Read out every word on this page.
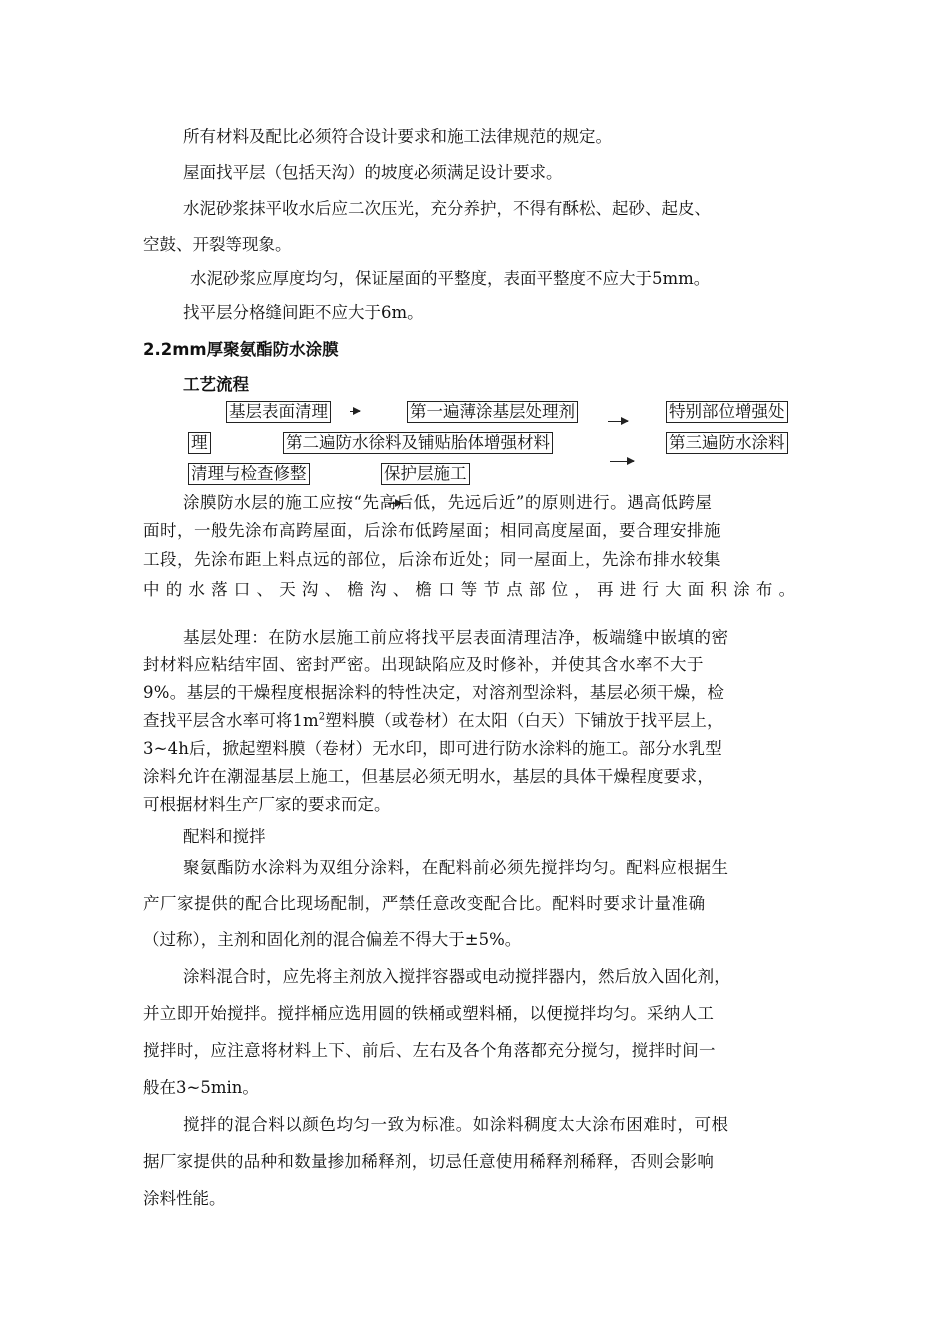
所有材料及配比必须符合设计要求和施工法律规范的规定。
屋面找平层（包括天沟）的坡度必须满足设计要求。
水泥砂浆抹平收水后应二次压光，充分养护，不得有酥松、起砂、起皮、
空鼓、开裂等现象。
水泥砂浆应厚度均匀，保证屋面的平整度，表面平整度不应大于5mm。
找平层分格缝间距不应大于6m。
2.2mm厚聚氨酯防水涂膜
工艺流程
基层表面清理	第一遍薄涂基层处理剂	特别部位增强处
理	第二遍防水徐料及铺贴胎体增强材料	第三遍防水涂料
清理与检查修整	保护层施工
涂膜防水层的施工应按“先高后低，先远后近”的原则进行。遇高低跨屋
面时，一般先涂布高跨屋面，后涂布低跨屋面；相同高度屋面，要合理安排施
工段，先涂布距上料点远的部位，后涂布近处；同一屋面上，先涂布排水较集
中的水落口、天沟、檐沟、檐口等节点部位，再进行大面积涂布。
基层处理：在防水层施工前应将找平层表面清理洁净，板端缝中嵌填的密
封材料应粘结牢固、密封严密。出现缺陷应及时修补，并使其含水率不大于
9%。基层的干燥程度根据涂料的特性决定，对溶剂型涂料，基层必须干燥，检
查找平层含水率可将$1m^2$塑料膜（或卷材）在太阳（白天）下铺放于找平层上，
3~4h后，掀起塑料膜（卷材）无水印，即可进行防水涂料的施工。部分水乳型
涂料允许在潮湿基层上施工，但基层必须无明水，基层的具体干燥程度要求，
可根据材料生产厂家的要求而定。
配料和搅拌
聚氨酯防水涂料为双组分涂料，在配料前必须先搅拌均匀。配料应根据生
产厂家提供的配合比现场配制，严禁任意改变配合比。配料时要求计量准确
（过称），主剂和固化剂的混合偏差不得大于±5%。
涂料混合时，应先将主剂放入搅拌容器或电动搅拌器内，然后放入固化剂，
并立即开始搅拌。搅拌桶应选用圆的铁桶或塑料桶，以便搅拌均匀。采纳人工
搅拌时，应注意将材料上下、前后、左右及各个角落都充分搅匀，搅拌时间一
般在3~5min。
搅拌的混合料以颜色均匀一致为标准。如涂料稠度太大涂布困难时，可根
据厂家提供的品种和数量掺加稀释剂，切忌任意使用稀释剂稀释，否则会影响
涂料性能。
